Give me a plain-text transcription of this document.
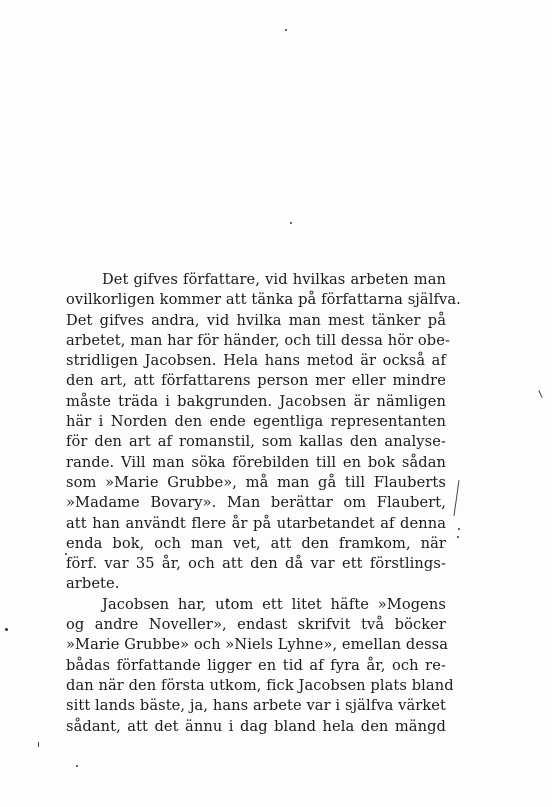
Det gifves författare, vid hvilkas arbeten man
ovilkorligen kommer att tänka på författarna själfva.
Det gifves andra, vid hvilka man mest tänker på
arbetet, man har för händer, och till dessa hör obe-
stridligen Jacobsen. Hela hans metod är också af
den art, att författarens person mer eller mindre
måste träda i bakgrunden. Jacobsen är nämligen
här i Norden den ende egentliga representanten
för den art af romanstil, som kallas den analyse-
rande. Vill man söka förebilden till en bok sådan
som »Marie Grubbe», må man gå till Flauberts
»Madame Bovary». Man berättar om Flaubert,
att han användt flere år på utarbetandet af denna
enda bok, och man vet, att den framkom, när
förf. var 35 år, och att den då var ett förstlings-
arbete.
Jacobsen har, utom ett litet häfte »Mogens
og andre Noveller», endast skrifvit två böcker
»Marie Grubbe» och »Niels Lyhne», emellan dessa
bådas författande ligger en tid af fyra år, och re-
dan när den första utkom, fick Jacobsen plats bland
sitt lands bäste, ja, hans arbete var i själfva värket
sådant, att det ännu i dag bland hela den mängd
